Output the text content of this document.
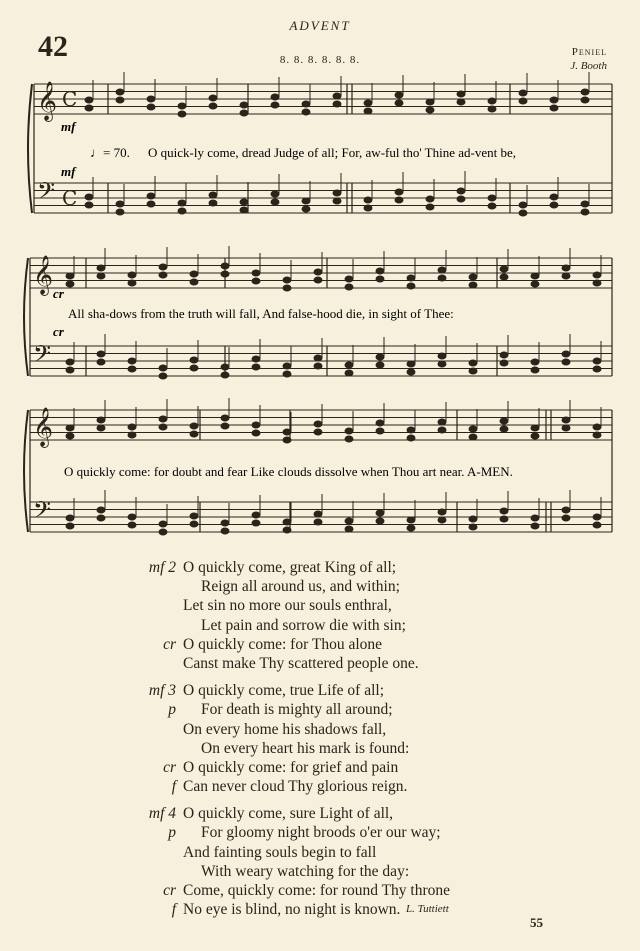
ADVENT
42	8. 8. 8. 8. 8. 8.
Peniel
J. Booth
𝄞 C
𝄢 C
𝄞
𝄢
𝄞
𝄢
♩= 70.
mf
mf
cr
cr
O quick-ly come, dread Judge of all; For, aw-ful tho' Thine ad-vent be,
All sha-dows from the truth will fall, And false-hood die, in sight of Thee:
O quickly come: for doubt and fear Like clouds dissolve when Thou art near. A-MEN.
mf 2 O quickly come, great King of all;
Reign all around us, and within;
Let sin no more our souls enthral,
Let pain and sorrow die with sin;
cr O quickly come: for Thou alone
Canst make Thy scattered people one.
mf 3 O quickly come, true Life of all;
p For death is mighty all around;
On every home his shadows fall,
On every heart his mark is found:
cr O quickly come: for grief and pain
f Can never cloud Thy glorious reign.
mf 4 O quickly come, sure Light of all,
p For gloomy night broods o'er our way;
And fainting souls begin to fall
With weary watching for the day:
cr Come, quickly come: for round Thy throne
f No eye is blind, no night is known. L. Tuttiett
55
